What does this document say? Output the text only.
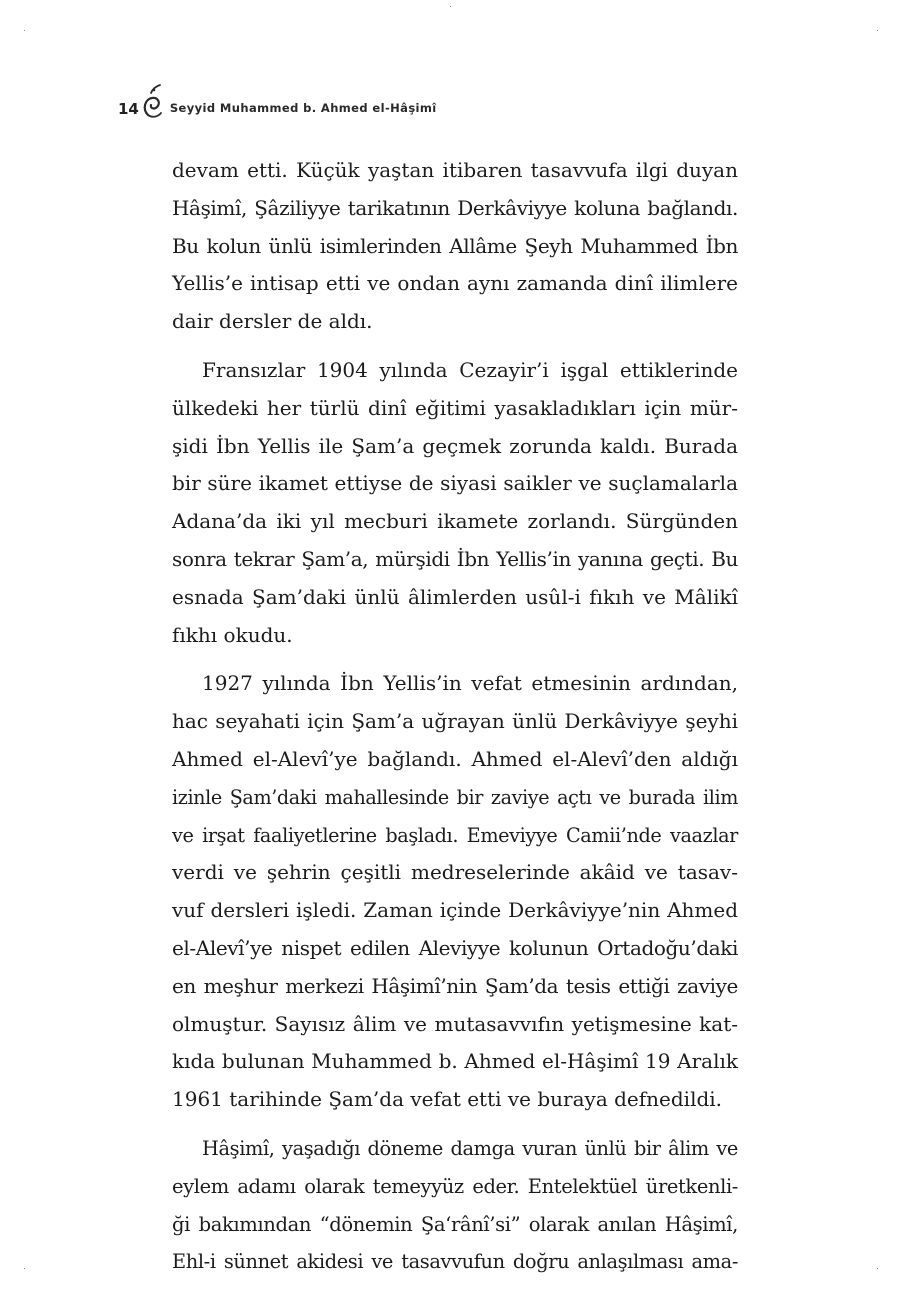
14	Seyyid Muhammed b. Ahmed el-Hâşimî

devam etti. Küçük yaştan itibaren tasavvufa ilgi duyan
Hâşimî, Şâziliyye tarikatının Derkâviyye koluna bağlandı.
Bu kolun ünlü isimlerinden Allâme Şeyh Muhammed İbn
Yellis’e intisap etti ve ondan aynı zamanda dinî ilimlere
dair dersler de aldı.

Fransızlar 1904 yılında Cezayir’i işgal ettiklerinde
ülkedeki her türlü dinî eğitimi yasakladıkları için mür-
şidi İbn Yellis ile Şam’a geçmek zorunda kaldı. Burada
bir süre ikamet ettiyse de siyasi saikler ve suçlamalarla
Adana’da iki yıl mecburi ikamete zorlandı. Sürgünden
sonra tekrar Şam’a, mürşidi İbn Yellis’in yanına geçti. Bu
esnada Şam’daki ünlü âlimlerden usûl-i fıkıh ve Mâlikî
fıkhı okudu.

1927 yılında İbn Yellis’in vefat etmesinin ardından,
hac seyahati için Şam’a uğrayan ünlü Derkâviyye şeyhi
Ahmed el-Alevî’ye bağlandı. Ahmed el-Alevî’den aldığı
izinle Şam’daki mahallesinde bir zaviye açtı ve burada ilim
ve irşat faaliyetlerine başladı. Emeviyye Camii’nde vaazlar
verdi ve şehrin çeşitli medreselerinde akâid ve tasav-
vuf dersleri işledi. Zaman içinde Derkâviyye’nin Ahmed
el-Alevî’ye nispet edilen Aleviyye kolunun Ortadoğu’daki
en meşhur merkezi Hâşimî’nin Şam’da tesis ettiği zaviye
olmuştur. Sayısız âlim ve mutasavvıfın yetişmesine kat-
kıda bulunan Muhammed b. Ahmed el-Hâşimî 19 Aralık
1961 tarihinde Şam’da vefat etti ve buraya defnedildi.

Hâşimî, yaşadığı döneme damga vuran ünlü bir âlim ve
eylem adamı olarak temeyyüz eder. Entelektüel üretkenli-
ği bakımından “dönemin Şa‘rânî’si” olarak anılan Hâşimî,
Ehl-i sünnet akidesi ve tasavvufun doğru anlaşılması ama-
